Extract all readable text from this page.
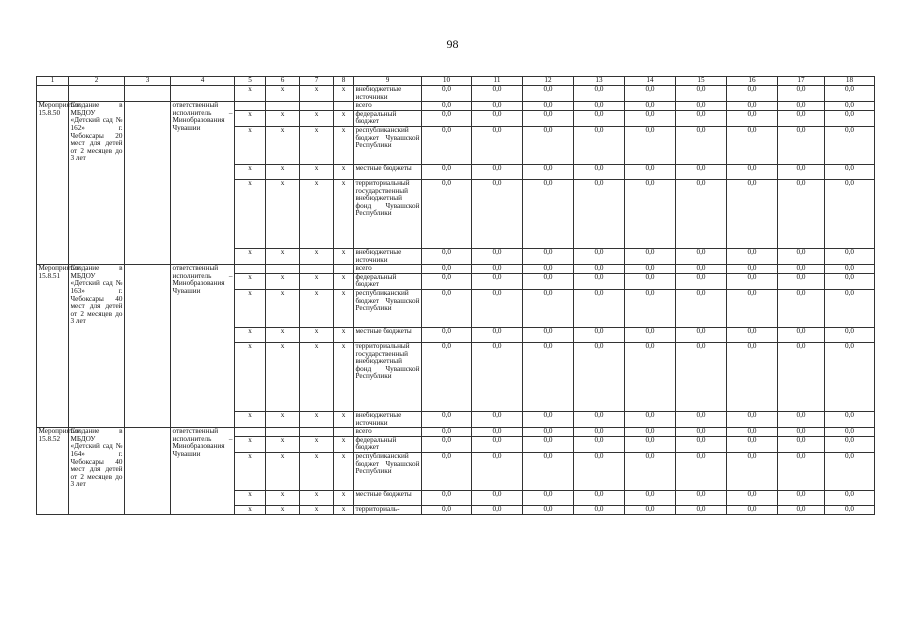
98
1	2	3	4	5	6	7	8	9	10	11	12	13	14	15	16	17	18
				x	x	x	x	внебюджетные источники	0,0	0,0	0,0	0,0	0,0	0,0	0,0	0,0	0,0
Мероприятие 15.8.50	Создание в МБДОУ «Детский сад № 162» г. Чебоксары 20 мест для детей от 2 месяцев до 3 лет		ответственный исполнитель – Минобразования Чувашии					всего	0,0	0,0	0,0	0,0	0,0	0,0	0,0	0,0	0,0
				x	x	x	x	федеральный бюджет	0,0	0,0	0,0	0,0	0,0	0,0	0,0	0,0	0,0
				x	x	x	x	республиканский бюджет Чувашской Республики	0,0	0,0	0,0	0,0	0,0	0,0	0,0	0,0	0,0
				x	x	x	x	местные бюджеты	0,0	0,0	0,0	0,0	0,0	0,0	0,0	0,0	0,0
				x	x	x	x	территориальный государственный внебюджетный фонд Чувашской Республики	0,0	0,0	0,0	0,0	0,0	0,0	0,0	0,0	0,0
				x	x	x	x	внебюджетные источники	0,0	0,0	0,0	0,0	0,0	0,0	0,0	0,0	0,0
Мероприятие 15.8.51	Создание в МБДОУ «Детский сад № 163» г. Чебоксары 40 мест для детей от 2 месяцев до 3 лет		ответственный исполнитель – Минобразования Чувашии					всего	0,0	0,0	0,0	0,0	0,0	0,0	0,0	0,0	0,0
				x	x	x	x	федеральный бюджет	0,0	0,0	0,0	0,0	0,0	0,0	0,0	0,0	0,0
				x	x	x	x	республиканский бюджет Чувашской Республики	0,0	0,0	0,0	0,0	0,0	0,0	0,0	0,0	0,0
				x	x	x	x	местные бюджеты	0,0	0,0	0,0	0,0	0,0	0,0	0,0	0,0	0,0
				x	x	x	x	территориальный государственный внебюджетный фонд Чувашской Республики	0,0	0,0	0,0	0,0	0,0	0,0	0,0	0,0	0,0
				x	x	x	x	внебюджетные источники	0,0	0,0	0,0	0,0	0,0	0,0	0,0	0,0	0,0
Мероприятие 15.8.52	Создание в МБДОУ «Детский сад № 164» г. Чебоксары 40 мест для детей от 2 месяцев до 3 лет		ответственный исполнитель – Минобразования Чувашии					всего	0,0	0,0	0,0	0,0	0,0	0,0	0,0	0,0	0,0
				x	x	x	x	федеральный бюджет	0,0	0,0	0,0	0,0	0,0	0,0	0,0	0,0	0,0
				x	x	x	x	республиканский бюджет Чувашской Республики	0,0	0,0	0,0	0,0	0,0	0,0	0,0	0,0	0,0
				x	x	x	x	местные бюджеты	0,0	0,0	0,0	0,0	0,0	0,0	0,0	0,0	0,0
				x	x	x	x	территориаль-	0,0	0,0	0,0	0,0	0,0	0,0	0,0	0,0	0,0
